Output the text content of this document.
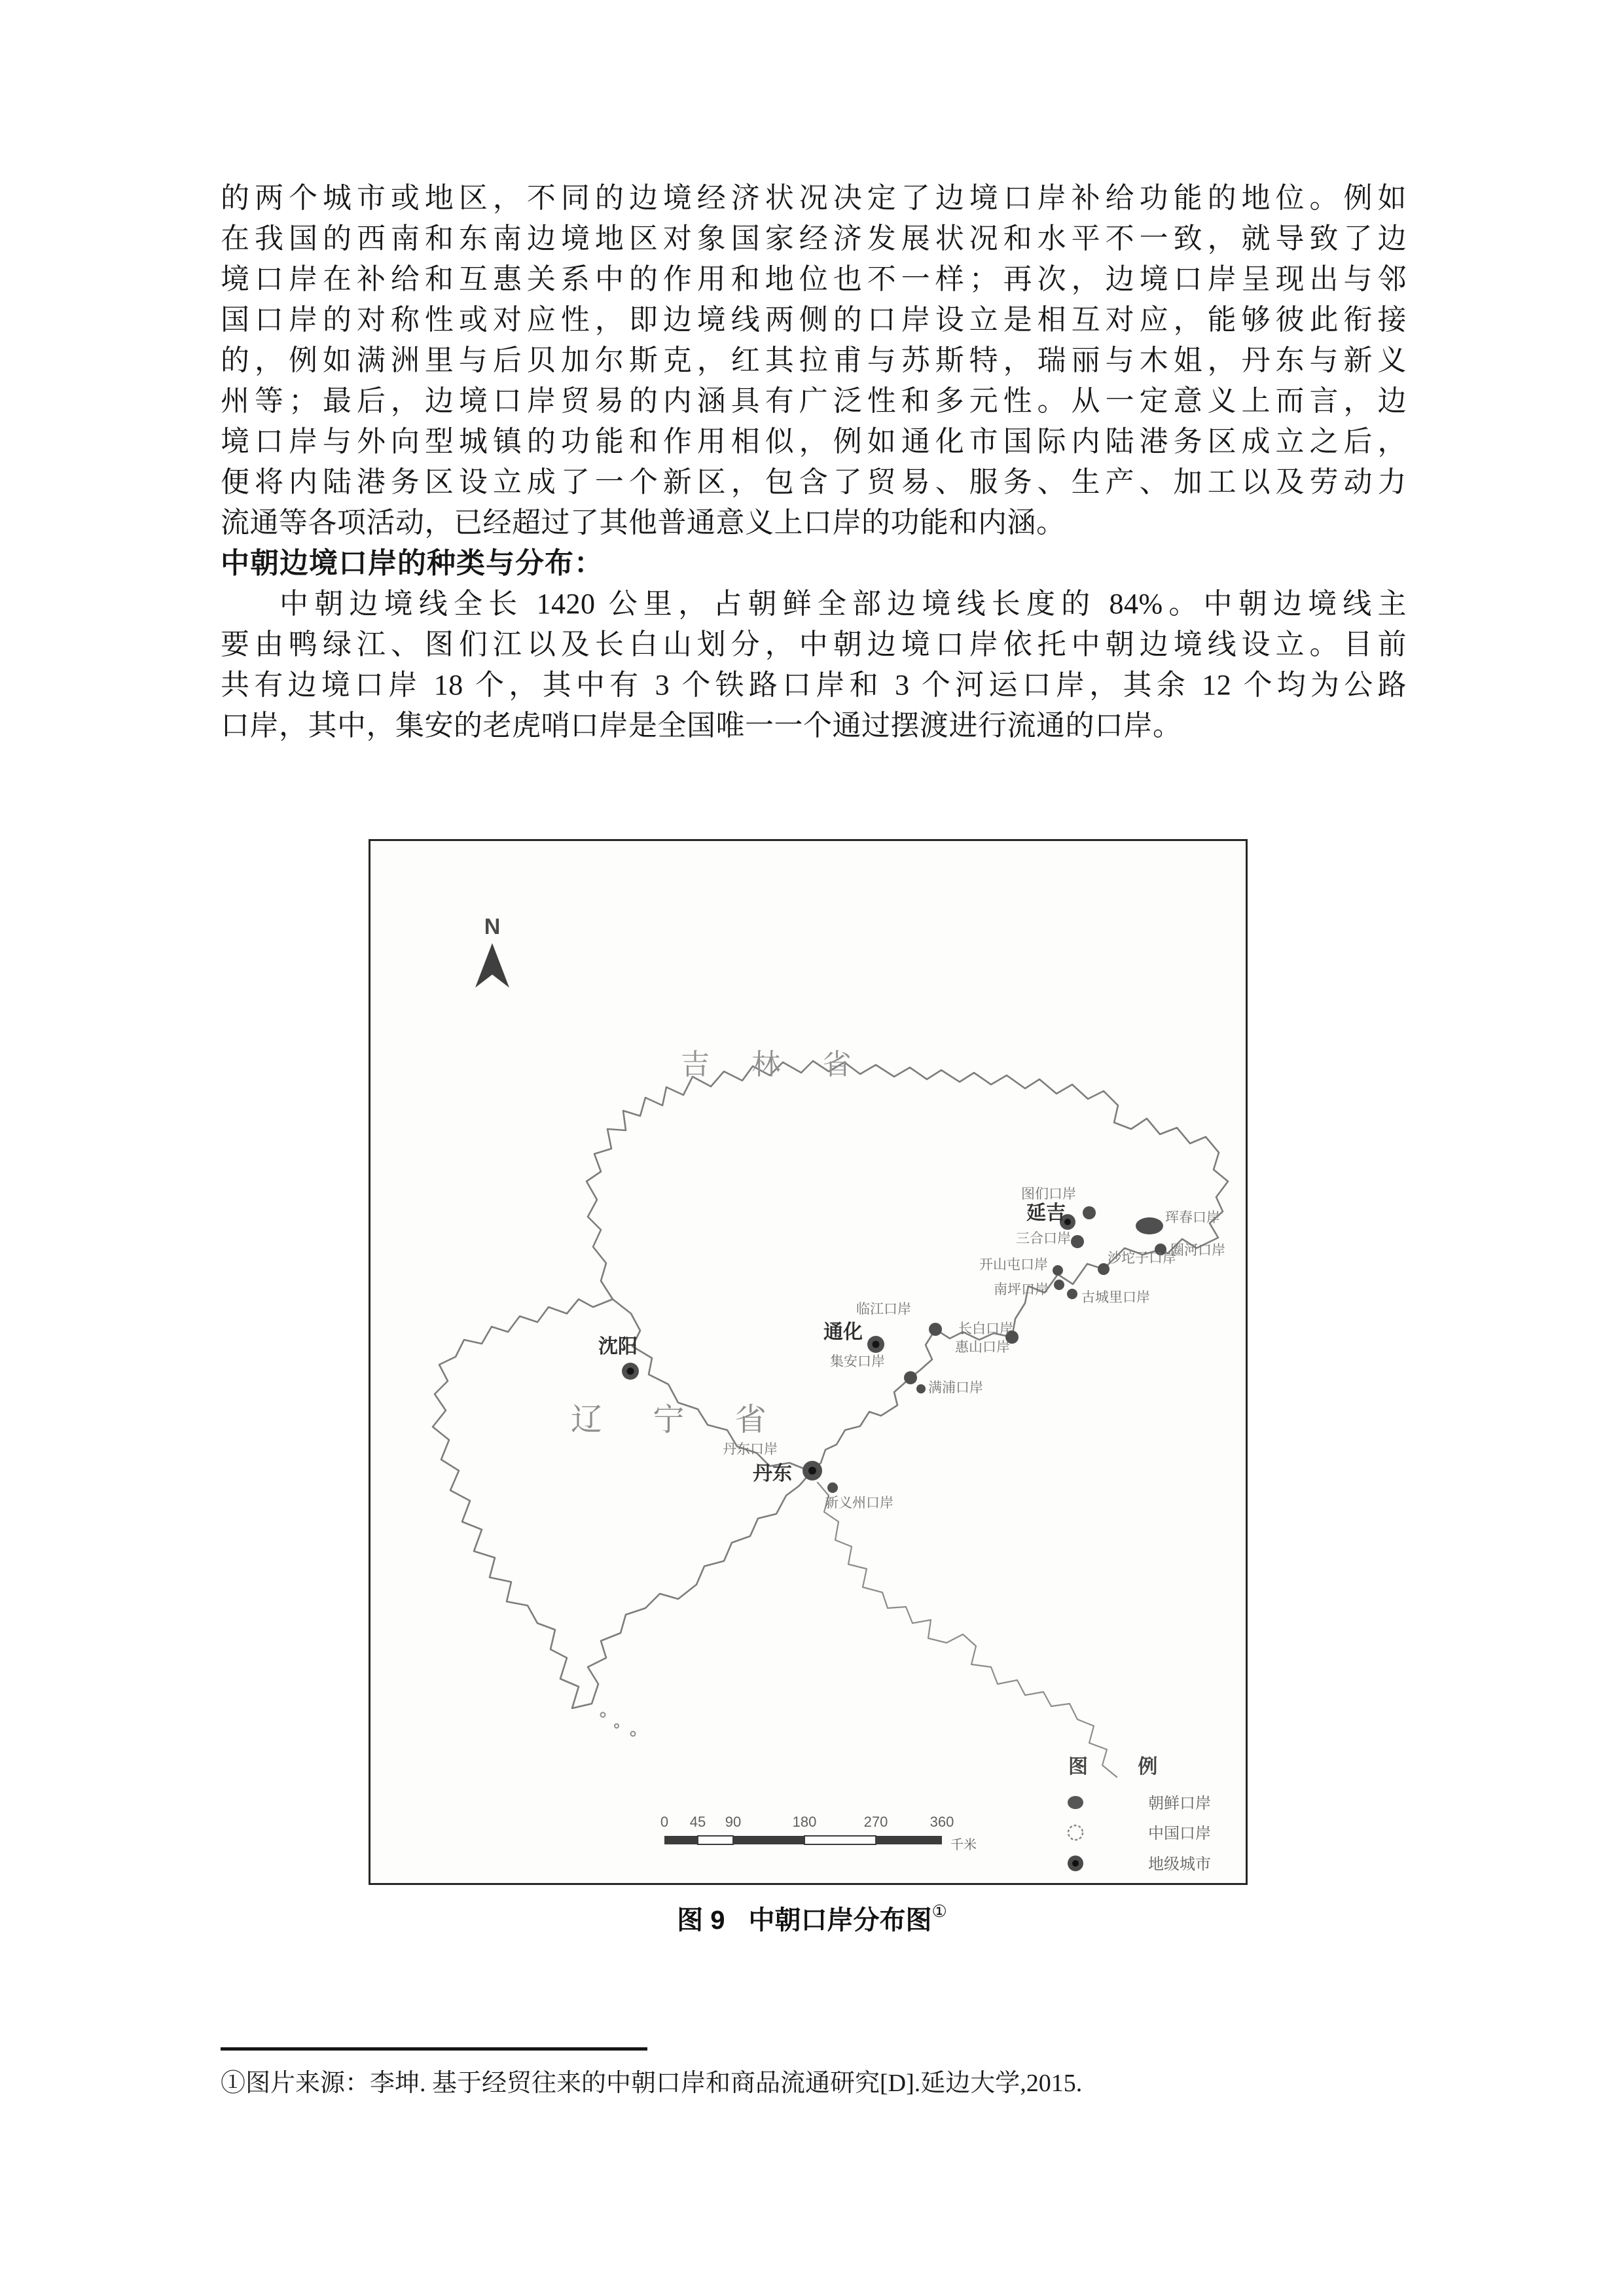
的两个城市或地区，不同的边境经济状况决定了边境口岸补给功能的地位。例如
在我国的西南和东南边境地区对象国家经济发展状况和水平不一致，就导致了边
境口岸在补给和互惠关系中的作用和地位也不一样；再次，边境口岸呈现出与邻
国口岸的对称性或对应性，即边境线两侧的口岸设立是相互对应，能够彼此衔接
的，例如满洲里与后贝加尔斯克，红其拉甫与苏斯特，瑞丽与木姐，丹东与新义
州等；最后，边境口岸贸易的内涵具有广泛性和多元性。从一定意义上而言，边
境口岸与外向型城镇的功能和作用相似，例如通化市国际内陆港务区成立之后，
便将内陆港务区设立成了一个新区，包含了贸易、服务、生产、加工以及劳动力
流通等各项活动，已经超过了其他普通意义上口岸的功能和内涵。
中朝边境口岸的种类与分布：
中朝边境线全长 1420 公里，占朝鲜全部边境线长度的 84%。中朝边境线主
要由鸭绿江、图们江以及长白山划分，中朝边境口岸依托中朝边境线设立。目前
共有边境口岸 18 个，其中有 3 个铁路口岸和 3 个河运口岸，其余 12 个均为公路
口岸，其中，集安的老虎哨口岸是全国唯一一个通过摆渡进行流通的口岸。
N
吉 林 省
辽 宁 省
沈阳
通化
延吉
丹东
图们口岸
三合口岸
珲春口岸
圈河口岸
沙坨子口岸
开山屯口岸
南坪口岸
古城里口岸
临江口岸
长白口岸
惠山口岸
集安口岸
满浦口岸
丹东口岸
新义州口岸
0 45 90	180	270	360
千米
图 例
朝鲜口岸
中国口岸
地级城市
图 9 中朝口岸分布图①
①图片来源：李坤. 基于经贸往来的中朝口岸和商品流通研究[D].延边大学,2015.
